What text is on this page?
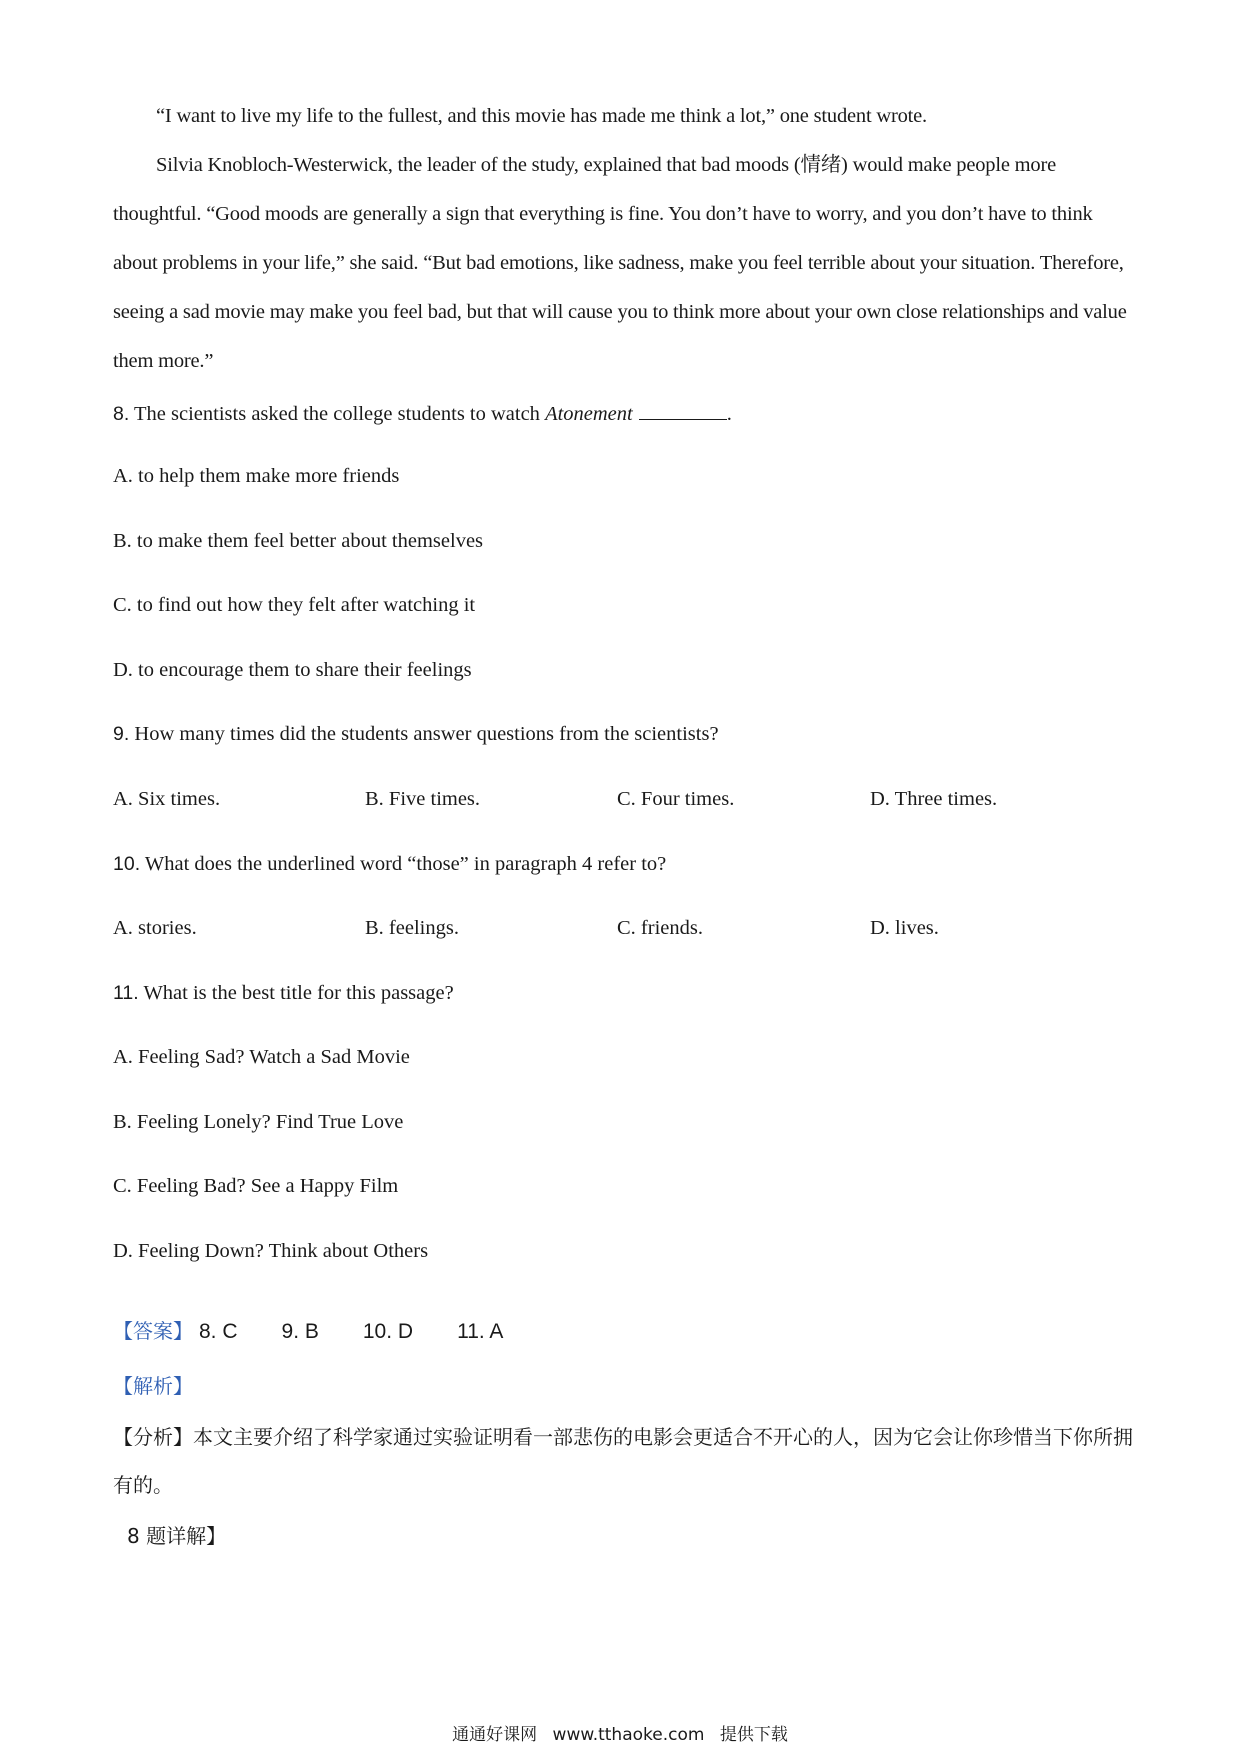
“I want to live my life to the fullest, and this movie has made me think a lot,” one student wrote.
Silvia Knobloch-Westerwick, the leader of the study, explained that bad moods (情绪) would make people more thoughtful. “Good moods are generally a sign that everything is fine. You don’t have to worry, and you don’t have to think about problems in your life,” she said. “But bad emotions, like sadness, make you feel terrible about your situation. Therefore, seeing a sad movie may make you feel bad, but that will cause you to think more about your own close relationships and value them more.”
8. The scientists asked the college students to watch Atonement	.
A. to help them make more friends
B. to make them feel better about themselves
C. to find out how they felt after watching it
D. to encourage them to share their feelings
9. How many times did the students answer questions from the scientists?
A. Six times.	B. Five times.	C. Four times.	D. Three times.
10. What does the underlined word “those” in paragraph 4 refer to?
A. stories.	B. feelings.	C. friends.	D. lives.
11. What is the best title for this passage?
A. Feeling Sad? Watch a Sad Movie
B. Feeling Lonely? Find True Love
C. Feeling Bad? See a Happy Film
D. Feeling Down? Think about Others
【答案】 8. C 9. B 10. D 11. A
【解析】
【分析】本文主要介绍了科学家通过实验证明看一部悲伤的电影会更适合不开心的人，因为它会让你珍惜当下你所拥有的。
8 题详解】
通通好课网 www.tthaoke.com 提供下载
